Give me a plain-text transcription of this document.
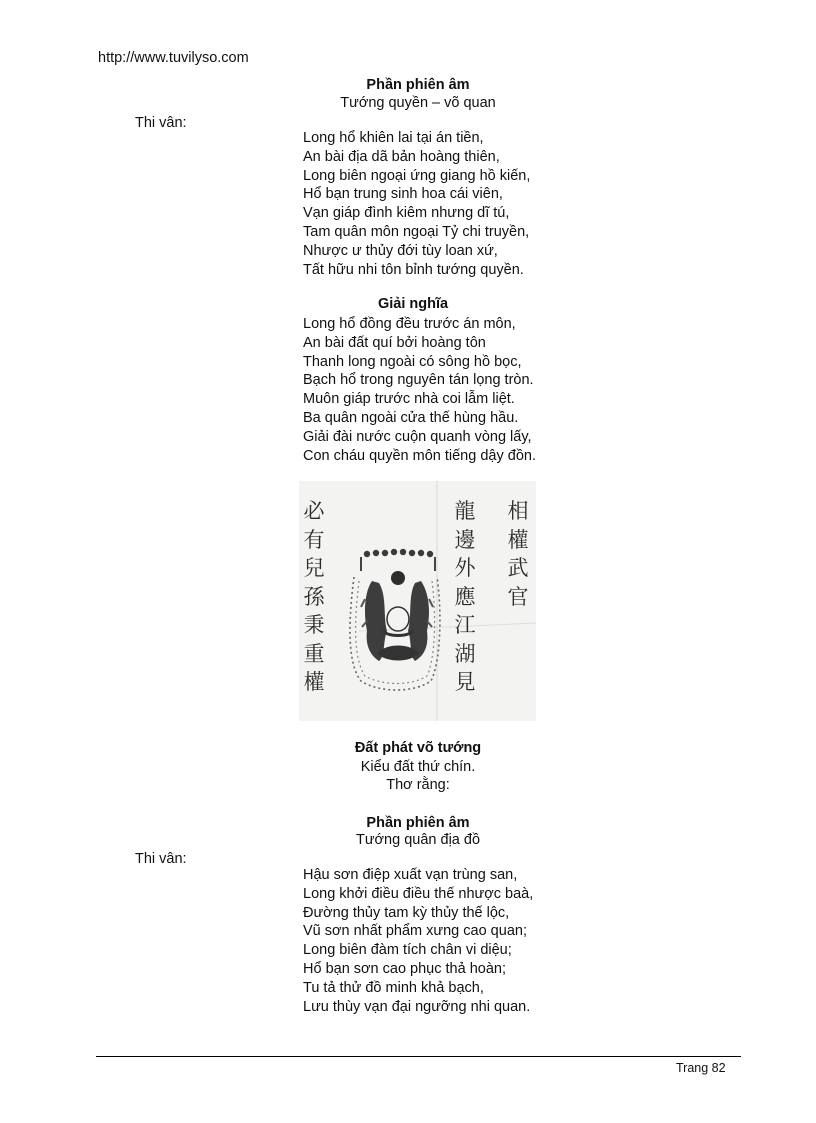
http://www.tuvilyso.com
Phần phiên âm
Tướng quyền – võ quan
Thi vân:
Long hổ khiên lai tại án tiền,
An bài địa dã bản hoàng thiên,
Long biên ngoại ứng giang hồ kiến,
Hổ bạn trung sinh hoa cái viên,
Vạn giáp đình kiêm nhưng dĩ tú,
Tam quân môn ngoại Tỷ chi truyền,
Nhược ư thủy đới tùy loan xứ,
Tất hữu nhi tôn bỉnh tướng quyền.
Giải nghĩa
Long hổ đồng đều trước án môn,
An bài đất quí bởi hoàng tôn
Thanh long ngoài có sông hồ bọc,
Bạch hổ trong nguyên tán lọng tròn.
Muôn giáp trước nhà coi lẫm liệt.
Ba quân ngoài cửa thế hùng hầu.
Giải đài nước cuộn quanh vòng lấy,
Con cháu quyền môn tiếng dậy đồn.
相權武官
龍邊外應江湖見
必有兒孫秉重權
Đất phát võ tướng
Kiểu đất thứ chín.
Thơ rằng:
Phần phiên âm
Tướng quân địa đồ
Thi vân:
Hậu sơn điệp xuất vạn trùng san,
Long khởi điều điều thế nhược baà,
Đường thủy tam kỳ thủy thế lộc,
Vũ sơn nhất phẩm xưng cao quan;
Long biên đàm tích chân vi diệu;
Hổ bạn sơn cao phục thả hoàn;
Tu tả thử đồ minh khả bạch,
Lưu thùy vạn đại ngưỡng nhi quan.
Trang 82
